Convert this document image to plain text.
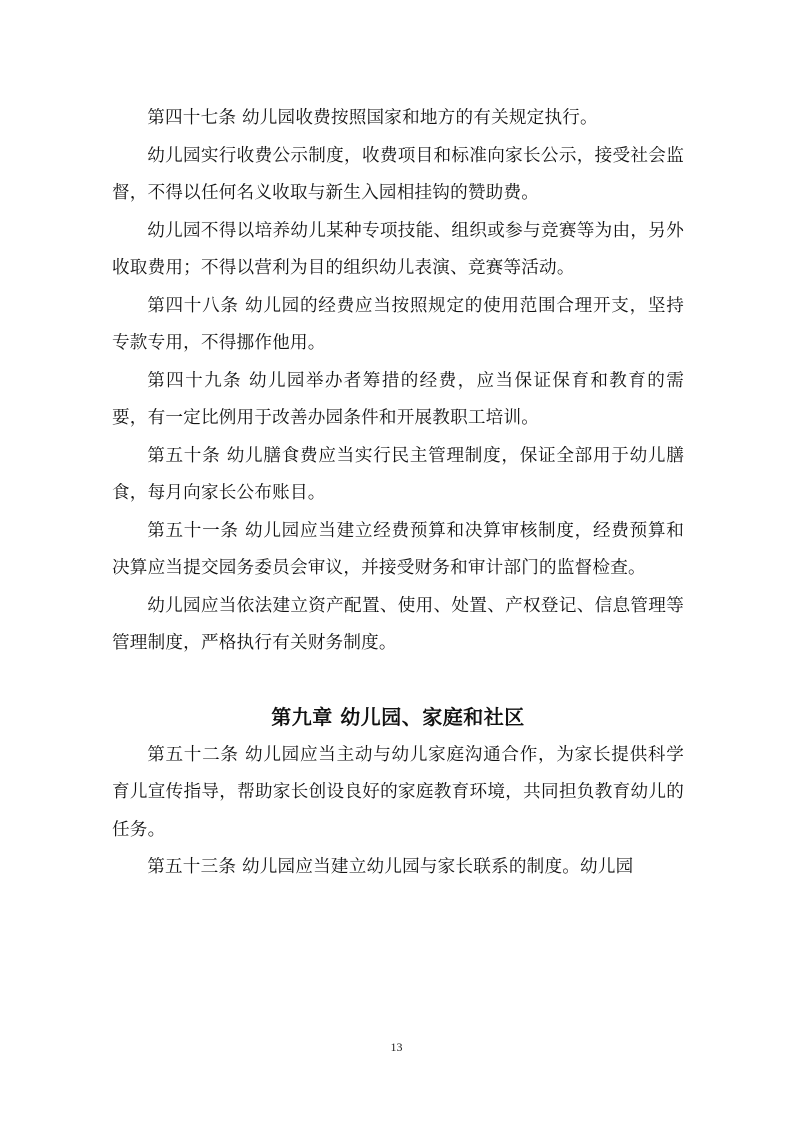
第四十七条 幼儿园收费按照国家和地方的有关规定执行。

幼儿园实行收费公示制度，收费项目和标准向家长公示，接受社会监督，不得以任何名义收取与新生入园相挂钩的赞助费。

幼儿园不得以培养幼儿某种专项技能、组织或参与竞赛等为由，另外收取费用；不得以营利为目的组织幼儿表演、竞赛等活动。

第四十八条 幼儿园的经费应当按照规定的使用范围合理开支，坚持专款专用，不得挪作他用。

第四十九条 幼儿园举办者筹措的经费，应当保证保育和教育的需要，有一定比例用于改善办园条件和开展教职工培训。

第五十条 幼儿膳食费应当实行民主管理制度，保证全部用于幼儿膳食，每月向家长公布账目。

第五十一条 幼儿园应当建立经费预算和决算审核制度，经费预算和决算应当提交园务委员会审议，并接受财务和审计部门的监督检查。

幼儿园应当依法建立资产配置、使用、处置、产权登记、信息管理等管理制度，严格执行有关财务制度。

第九章 幼儿园、家庭和社区

第五十二条 幼儿园应当主动与幼儿家庭沟通合作，为家长提供科学育儿宣传指导，帮助家长创设良好的家庭教育环境，共同担负教育幼儿的任务。

第五十三条 幼儿园应当建立幼儿园与家长联系的制度。幼儿园

13
